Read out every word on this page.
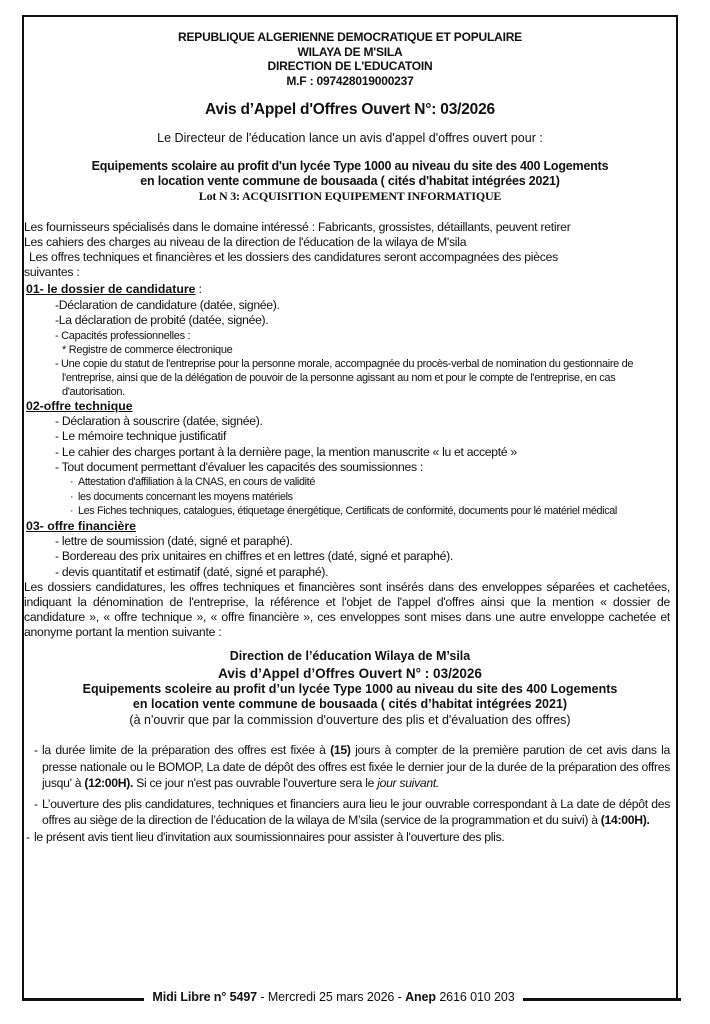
REPUBLIQUE ALGERIENNE DEMOCRATIQUE ET POPULAIRE
WILAYA DE M'SILA
DIRECTION DE L'EDUCATOIN
M.F : 097428019000237
Avis d’Appel d'Offres Ouvert N°: 03/2026
Le Directeur de l'éducation lance un avis d'appel d'offres ouvert pour :
Equipements scolaire au profit d'un lycée Type 1000 au niveau du site des 400 Logements
en location vente commune de bousaada ( cités d'habitat intégrées 2021)
Lot N 3: ACQUISITION EQUIPEMENT INFORMATIQUE
Les fournisseurs spécialisés dans le domaine intéressé : Fabricants, grossistes, détaillants, peuvent retirer
Les cahiers des charges au niveau de la direction de l'éducation de la wilaya de M'sila
Les offres techniques et financières et les dossiers des candidatures seront accompagnées des pièces
suivantes :
01- le dossier de candidature :
-Déclaration de candidature (datée, signée).
-La déclaration de probité (datée, signée).
- Capacités professionnelles :
* Registre de commerce électronique
- Une copie du statut de l'entreprise pour la personne morale, accompagnée du procès-verbal de nomination du gestionnaire de l'entreprise, ainsi que de la délégation de pouvoir de la personne agissant au nom et pour le compte de l'entreprise, en cas d'autorisation.
02-offre technique
- Déclaration à souscrire (datée, signée).
- Le mémoire technique justificatif
- Le cahier des charges portant à la dernière page, la mention manuscrite « lu et accepté »
- Tout document permettant d'évaluer les capacités des soumissionnes :
· Attestation d'affiliation à la CNAS, en cours de validité
· les documents concernant les moyens matériels
· Les Fiches techniques, catalogues, étiquetage énergétique, Certificats de conformité, documents pour lé matériel médical
03- offre financière
- lettre de soumission (daté, signé et paraphé).
- Bordereau des prix unitaires en chiffres et en lettres (daté, signé et paraphé).
- devis quantitatif et estimatif (daté, signé et paraphé).
Les dossiers candidatures, les offres techniques et financières sont insérés dans des enveloppes séparées et cachetées, indiquant la dénomination de l'entreprise, la référence et l'objet de l'appel d'offres ainsi que la mention « dossier de candidature », « offre technique », « offre financière », ces enveloppes sont mises dans une autre enveloppe cachetée et anonyme portant la mention suivante :
Direction de l’éducation Wilaya de M’sila
Avis d’Appel d’Offres Ouvert N° : 03/2026
Equipements scoleire au profit d’un lycée Type 1000 au niveau du site des 400 Logements
en location vente commune de bousaada ( cités d’habitat intégrées 2021)
(à n'ouvrir que par la commission d'ouverture des plis et d'évaluation des offres)
- la durée limite de la préparation des offres est fixée à (15) jours à compter de la première parution de cet avis dans la presse nationale ou le BOMOP, La date de dépôt des offres est fixée le dernier jour de la durée de la préparation des offres jusqu' à (12:00H). Si ce jour n'est pas ouvrable l'ouverture sera le jour suivant.
- L’ouverture des plis candidatures, techniques et financiers aura lieu le jour ouvrable correspondant à La date de dépôt des offres au siège de la direction de l’éducation de la wilaya de M’sila (service de la programmation et du suivi) à (14:00H).
- le présent avis tient lieu d'invitation aux soumissionnaires pour assister à l'ouverture des plis.
Midi Libre n° 5497 - Mercredi 25 mars 2026 - Anep 2616 010 203
